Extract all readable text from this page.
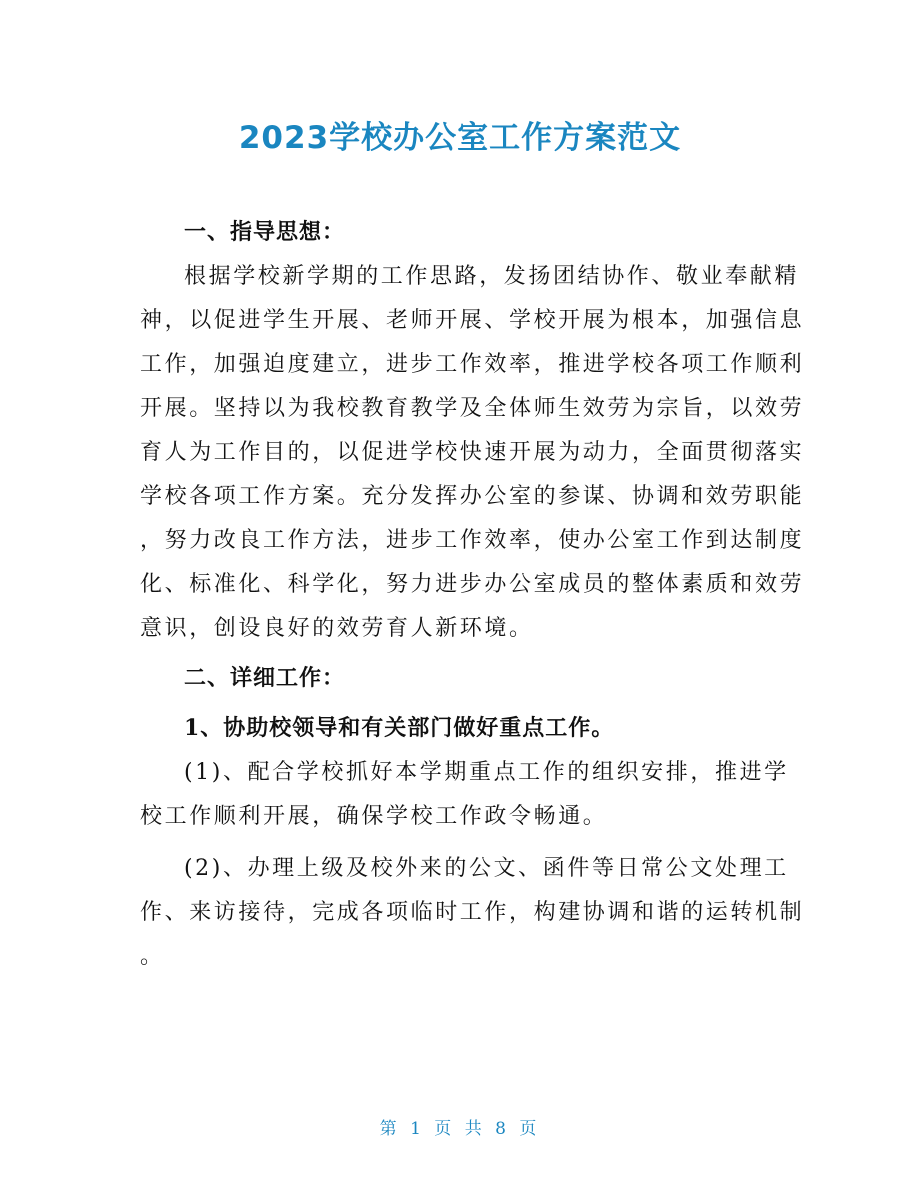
2023学校办公室工作方案范文

一、指导思想：

根据学校新学期的工作思路，发扬团结协作、敬业奉献精
神，以促进学生开展、老师开展、学校开展为根本，加强信息
工作，加强迫度建立，进步工作效率，推进学校各项工作顺利
开展。坚持以为我校教育教学及全体师生效劳为宗旨，以效劳
育人为工作目的，以促进学校快速开展为动力，全面贯彻落实
学校各项工作方案。充分发挥办公室的参谋、协调和效劳职能
，努力改良工作方法，进步工作效率，使办公室工作到达制度
化、标准化、科学化，努力进步办公室成员的整体素质和效劳
意识，创设良好的效劳育人新环境。

二、详细工作：

1、协助校领导和有关部门做好重点工作。

(1)、配合学校抓好本学期重点工作的组织安排，推进学
校工作顺利开展，确保学校工作政令畅通。

(2)、办理上级及校外来的公文、函件等日常公文处理工
作、来访接待，完成各项临时工作，构建协调和谐的运转机制
。

第 1 页 共 8 页
